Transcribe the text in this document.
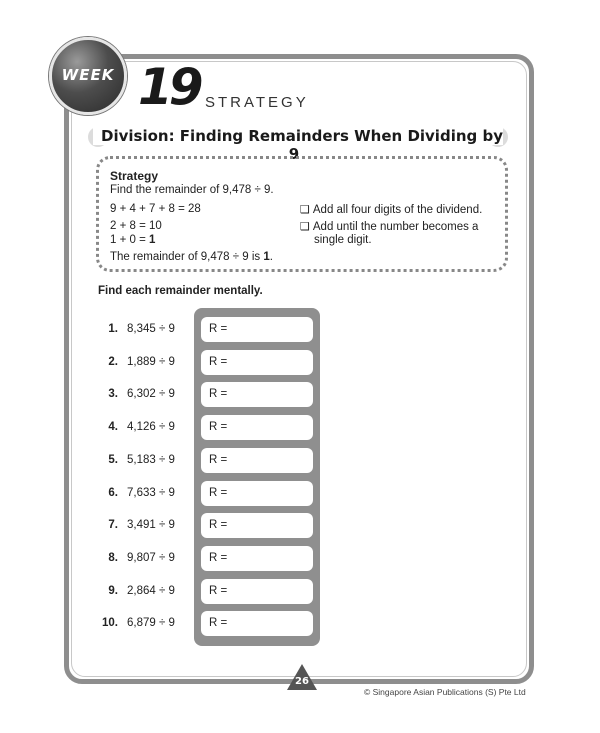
WEEK 19 STRATEGY
Division: Finding Remainders When Dividing by 9
Strategy
Find the remainder of 9,478 ÷ 9.
9 + 4 + 7 + 8 = 28
2 + 8 = 10
1 + 0 = 1
The remainder of 9,478 ÷ 9 is 1.
❑ Add all four digits of the dividend.
❑ Add until the number becomes a
single digit.
Find each remainder mentally.
1. 8,345 ÷ 9	R =
2. 1,889 ÷ 9	R =
3. 6,302 ÷ 9	R =
4. 4,126 ÷ 9	R =
5. 5,183 ÷ 9	R =
6. 7,633 ÷ 9	R =
7. 3,491 ÷ 9	R =
8. 9,807 ÷ 9	R =
9. 2,864 ÷ 9	R =
10. 6,879 ÷ 9	R =
26
© Singapore Asian Publications (S) Pte Ltd
